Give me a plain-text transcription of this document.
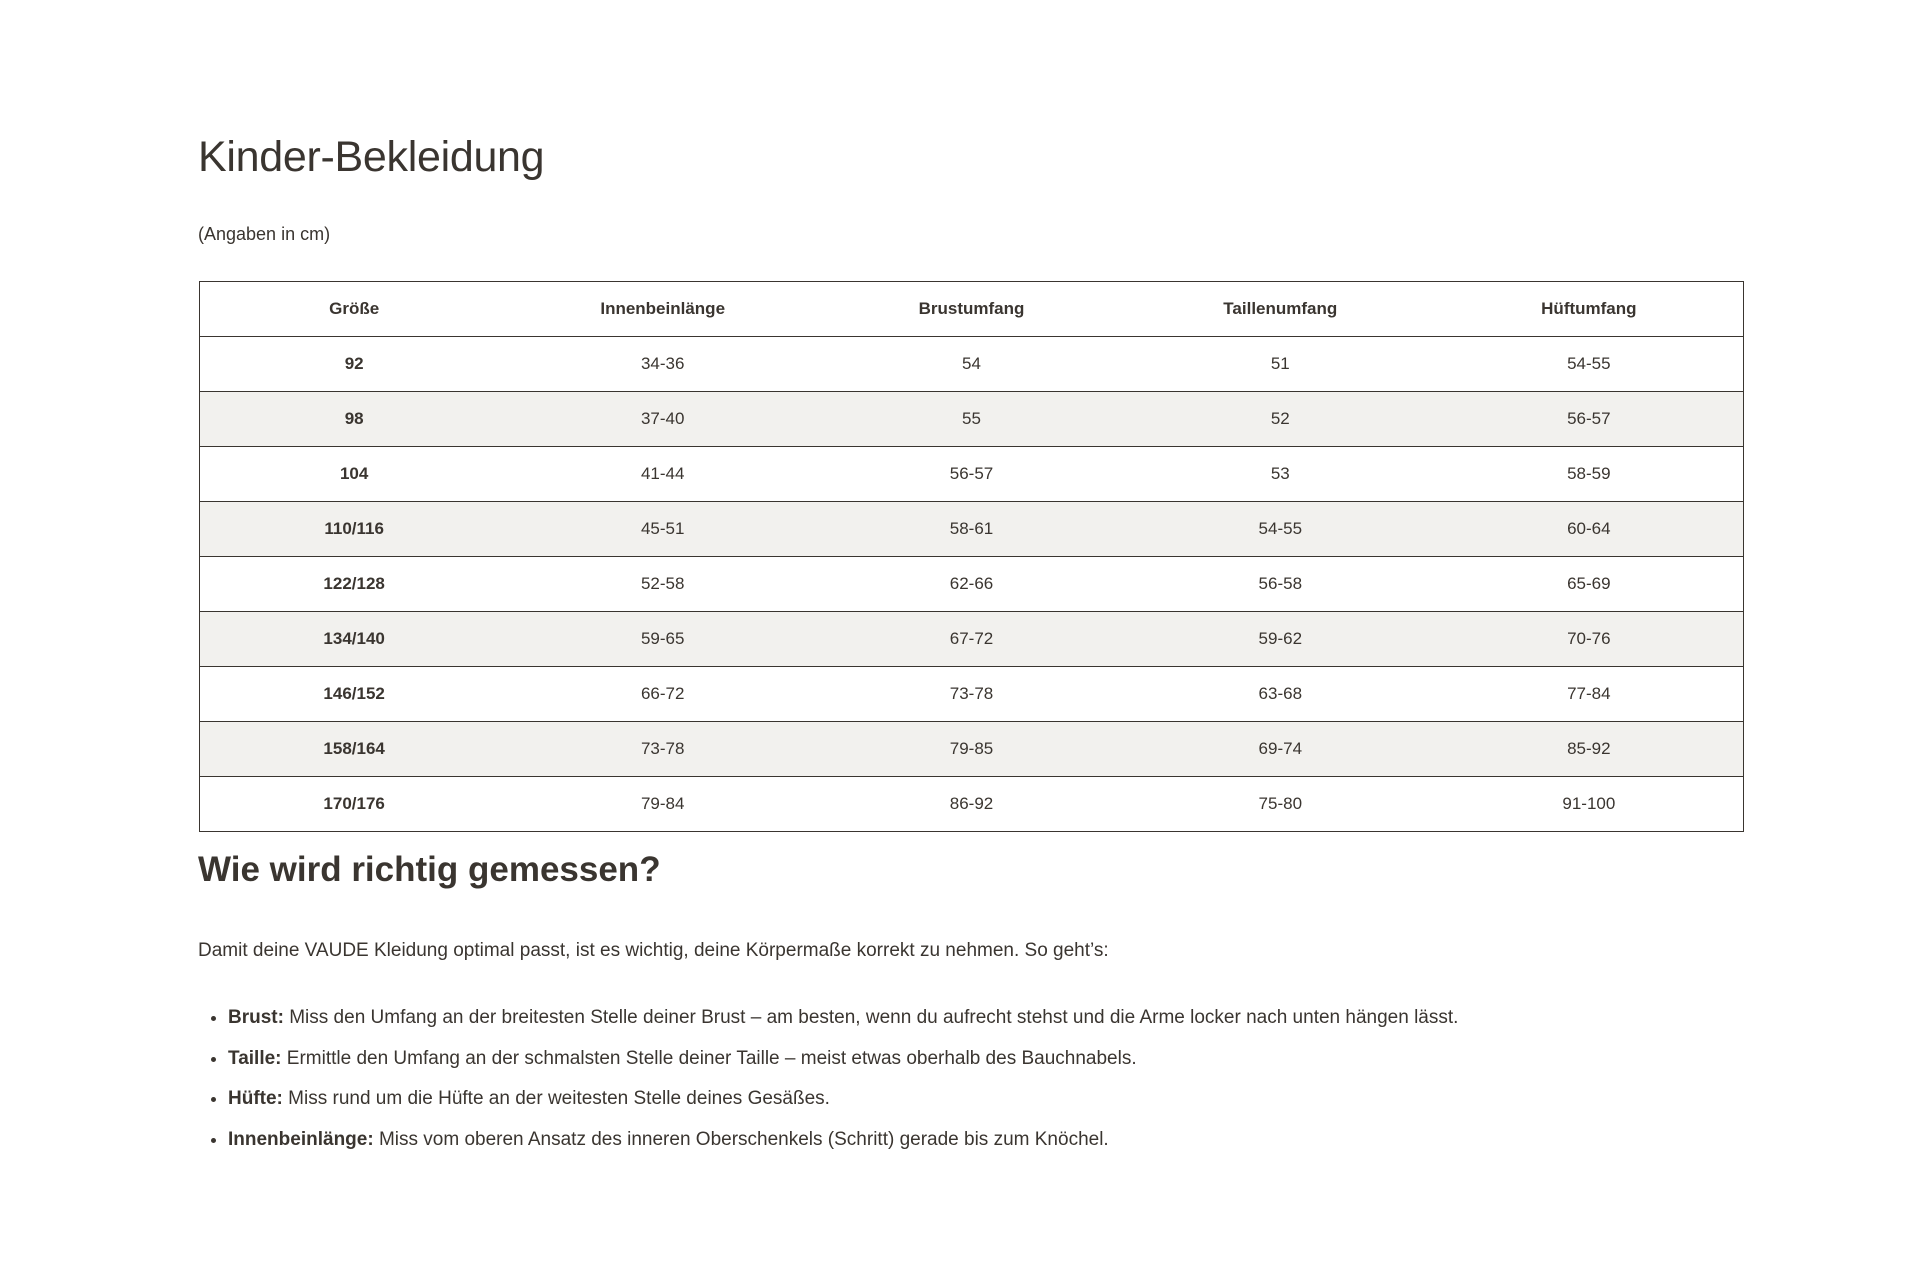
Kinder-Bekleidung

(Angaben in cm)

Größe	Innenbeinlänge	Brustumfang	Taillenumfang	Hüftumfang
92	34-36	54	51	54-55
98	37-40	55	52	56-57
104	41-44	56-57	53	58-59
110/116	45-51	58-61	54-55	60-64
122/128	52-58	62-66	56-58	65-69
134/140	59-65	67-72	59-62	70-76
146/152	66-72	73-78	63-68	77-84
158/164	73-78	79-85	69-74	85-92
170/176	79-84	86-92	75-80	91-100
Wie wird richtig gemessen?

Damit deine VAUDE Kleidung optimal passt, ist es wichtig, deine Körpermaße korrekt zu nehmen. So geht’s:

• Brust: Miss den Umfang an der breitesten Stelle deiner Brust – am besten, wenn du aufrecht stehst und die Arme locker nach unten hängen lässt.
• Taille: Ermittle den Umfang an der schmalsten Stelle deiner Taille – meist etwas oberhalb des Bauchnabels.
• Hüfte: Miss rund um die Hüfte an der weitesten Stelle deines Gesäßes.
• Innenbeinlänge: Miss vom oberen Ansatz des inneren Oberschenkels (Schritt) gerade bis zum Knöchel.
